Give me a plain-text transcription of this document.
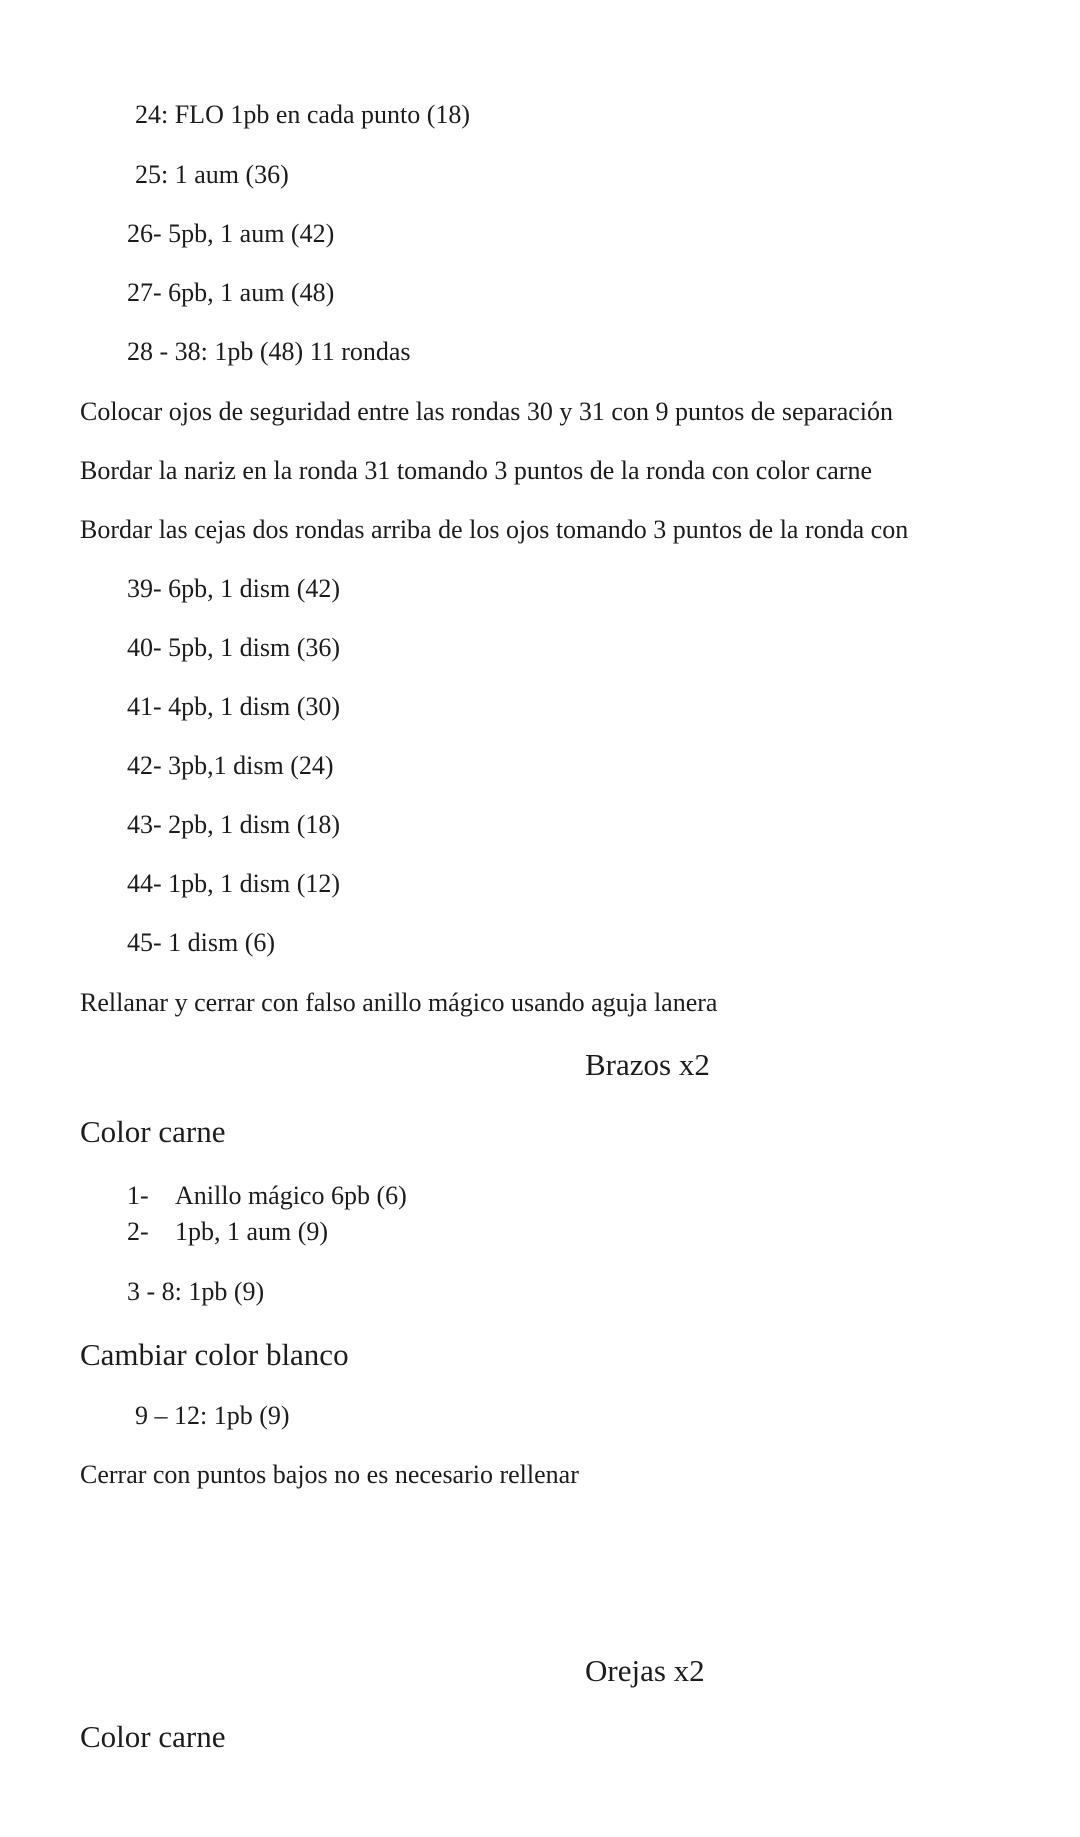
24: FLO 1pb en cada punto (18)
25: 1 aum (36)
26- 5pb, 1 aum (42)
27- 6pb, 1 aum (48)
28 - 38: 1pb (48) 11 rondas
Colocar ojos de seguridad entre las rondas 30 y 31 con 9 puntos de separación
Bordar la nariz en la ronda 31 tomando 3 puntos de la ronda con color carne
Bordar las cejas dos rondas arriba de los ojos tomando 3 puntos de la ronda con
39- 6pb, 1 dism (42)
40- 5pb, 1 dism (36)
41- 4pb, 1 dism (30)
42- 3pb,1 dism (24)
43- 2pb, 1 dism (18)
44- 1pb, 1 dism (12)
45- 1 dism (6)
Rellanar y cerrar con falso anillo mágico usando aguja lanera
Brazos x2
Color carne
1- Anillo mágico 6pb (6)
2- 1pb, 1 aum (9)
3 - 8: 1pb (9)
Cambiar color blanco
9 – 12: 1pb (9)
Cerrar con puntos bajos no es necesario rellenar
Orejas x2
Color carne
